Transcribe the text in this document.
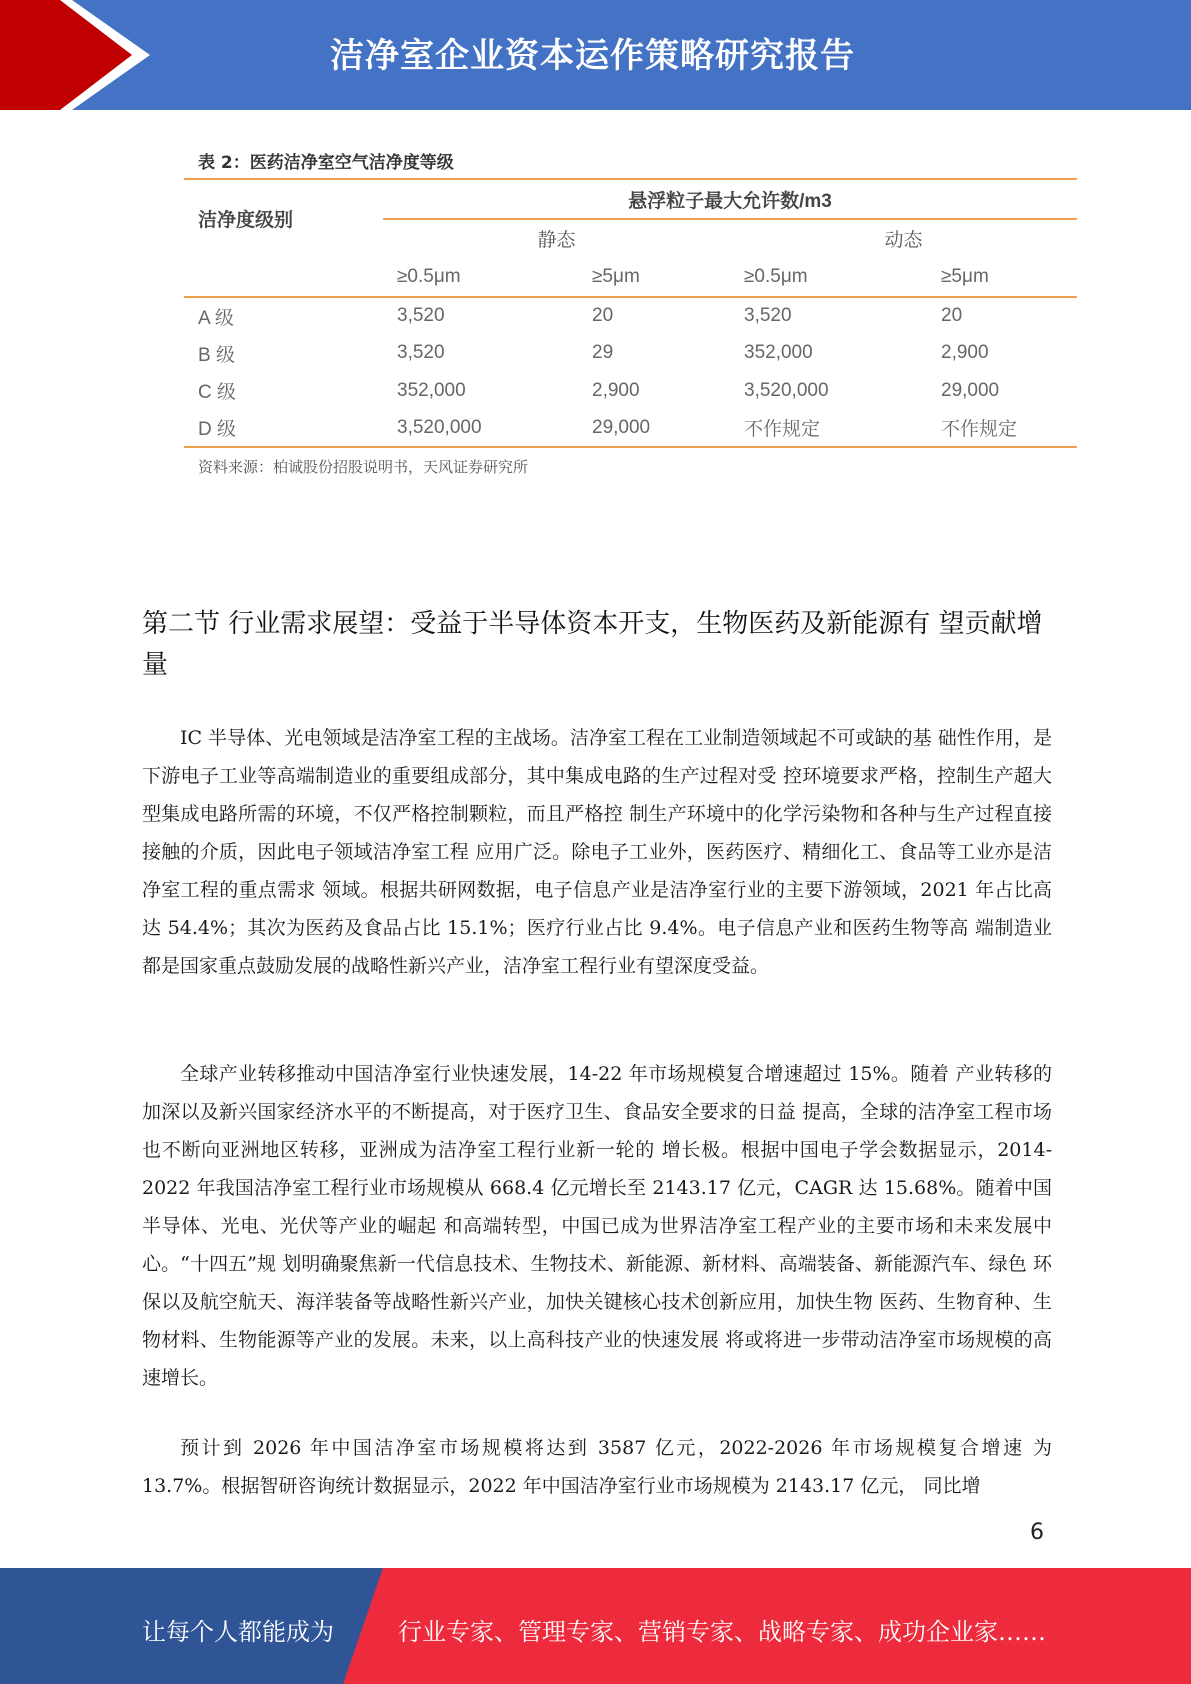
洁净室企业资本运作策略研究报告
表 2：医药洁净室空气洁净度等级
洁净度级别	悬浮粒子最大允许数/m3			
	静态		动态	
	≥0.5μm	≥5μm	≥0.5μm	≥5μm
A 级	3,520	20	3,520	20
B 级	3,520	29	352,000	2,900
C 级	352,000	2,900	3,520,000	29,000
D 级	3,520,000	29,000	不作规定	不作规定
资料来源：柏诚股份招股说明书，天风证券研究所
第二节 行业需求展望：受益于半导体资本开支，生物医药及新能源有 望贡献增量

IC 半导体、光电领域是洁净室工程的主战场。洁净室工程在工业制造领域起不可或缺的基 础性作用，是下游电子工业等高端制造业的重要组成部分，其中集成电路的生产过程对受 控环境要求严格，控制生产超大型集成电路所需的环境，不仅严格控制颗粒，而且严格控 制生产环境中的化学污染物和各种与生产过程直接接触的介质，因此电子领域洁净室工程 应用广泛。除电子工业外，医药医疗、精细化工、食品等工业亦是洁净室工程的重点需求 领域。根据共研网数据，电子信息产业是洁净室行业的主要下游领域，2021 年占比高达 54.4%；其次为医药及食品占比 15.1%；医疗行业占比 9.4%。电子信息产业和医药生物等高 端制造业都是国家重点鼓励发展的战略性新兴产业，洁净室工程行业有望深度受益。

全球产业转移推动中国洁净室行业快速发展，14-22 年市场规模复合增速超过 15%。随着 产业转移的加深以及新兴国家经济水平的不断提高，对于医疗卫生、食品安全要求的日益 提高，全球的洁净室工程市场也不断向亚洲地区转移，亚洲成为洁净室工程行业新一轮的 增长极。根据中国电子学会数据显示，2014-2022 年我国洁净室工程行业市场规模从 668.4 亿元增长至 2143.17 亿元，CAGR 达 15.68%。随着中国半导体、光电、光伏等产业的崛起 和高端转型，中国已成为世界洁净室工程产业的主要市场和未来发展中心。“十四五”规 划明确聚焦新一代信息技术、生物技术、新能源、新材料、高端装备、新能源汽车、绿色 环保以及航空航天、海洋装备等战略性新兴产业，加快关键核心技术创新应用，加快生物 医药、生物育种、生物材料、生物能源等产业的发展。未来，以上高科技产业的快速发展 将或将进一步带动洁净室市场规模的高速增长。

预计到 2026 年中国洁净室市场规模将达到 3587 亿元，2022-2026 年市场规模复合增速 为 13.7%。根据智研咨询统计数据显示，2022 年中国洁净室行业市场规模为 2143.17 亿元， 同比增

6
让每个人都能成为	行业专家、管理专家、营销专家、战略专家、成功企业家……
